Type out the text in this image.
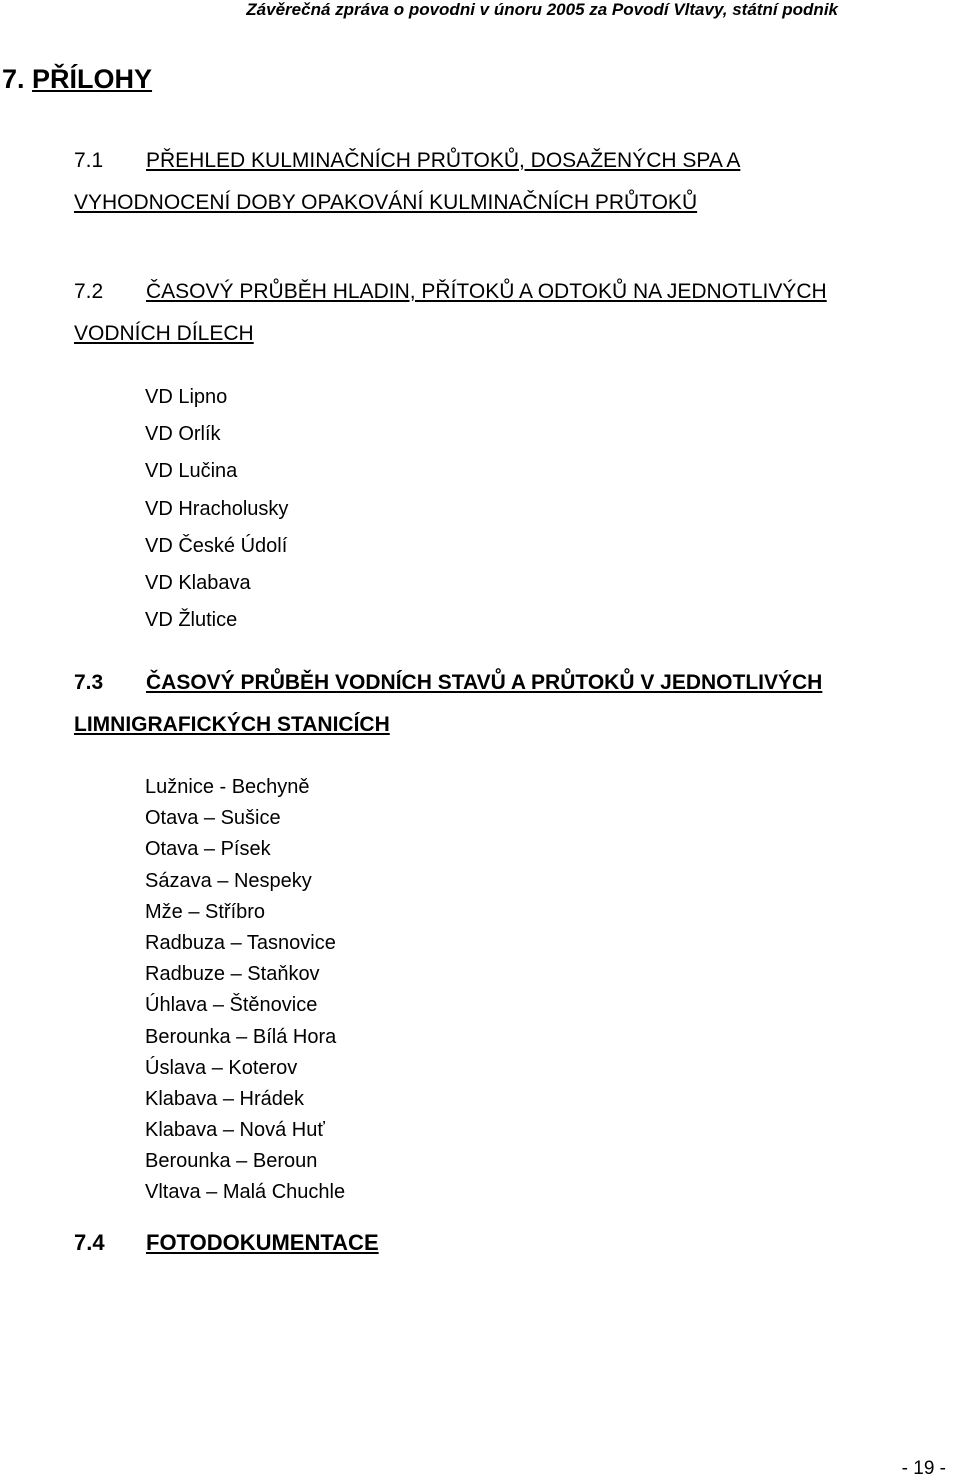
Závěrečná zpráva o povodni v únoru 2005 za Povodí Vltavy, státní podnik
7. PŘÍLOHY
7.1 PŘEHLED KULMINAČNÍCH PRŮTOKŮ, DOSAŽENÝCH SPA A
VYHODNOCENÍ DOBY OPAKOVÁNÍ KULMINAČNÍCH PRŮTOKŮ
7.2 ČASOVÝ PRŮBĚH HLADIN, PŘÍTOKŮ A ODTOKŮ NA JEDNOTLIVÝCH
VODNÍCH DÍLECH
VD Lipno
VD Orlík
VD Lučina
VD Hracholusky
VD České Údolí
VD Klabava
VD Žlutice
7.3 ČASOVÝ PRŮBĚH VODNÍCH STAVŮ A PRŮTOKŮ V JEDNOTLIVÝCH
LIMNIGRAFICKÝCH STANICÍCH
Lužnice - Bechyně
Otava – Sušice
Otava – Písek
Sázava – Nespeky
Mže – Stříbro
Radbuza – Tasnovice
Radbuze – Staňkov
Úhlava – Štěnovice
Berounka – Bílá Hora
Úslava – Koterov
Klabava – Hrádek
Klabava – Nová Huť
Berounka – Beroun
Vltava – Malá Chuchle
7.4 FOTODOKUMENTACE
- 19 -
